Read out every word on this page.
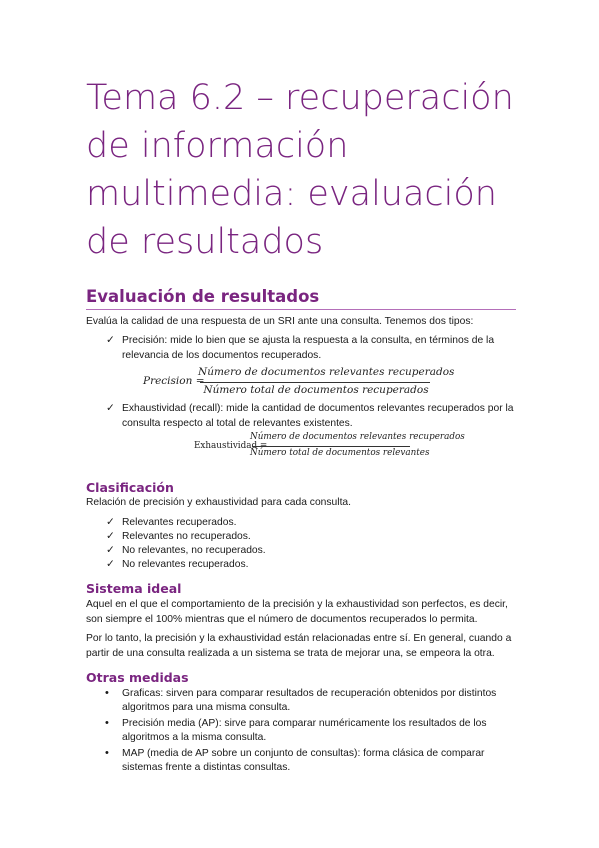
Tema 6.2 – recuperación de información multimedia: evaluación de resultados
Evaluación de resultados

Evalúa la calidad de una respuesta de un SRI ante una consulta. Tenemos dos tipos:

✓ Precisión: mide lo bien que se ajusta la respuesta a la consulta, en términos de la

relevancia de los documentos recuperados.

Precision =
Número de documentos relevantes recuperados
Número total de documentos recuperados
✓ Exhaustividad (recall): mide la cantidad de documentos relevantes recuperados por la

consulta respecto al total de relevantes existentes.

Exhaustividad =
Número de documentos relevantes recuperados
Número total de documentos relevantes
Clasificación

Relación de precisión y exhaustividad para cada consulta.

✓ Relevantes recuperados.

✓ Relevantes no recuperados.

✓ No relevantes, no recuperados.

✓ No relevantes recuperados.

Sistema ideal

Aquel en el que el comportamiento de la precisión y la exhaustividad son perfectos, es decir,

son siempre el 100% mientras que el número de documentos recuperados lo permita.

Por lo tanto, la precisión y la exhaustividad están relacionadas entre sí. En general, cuando a

partir de una consulta realizada a un sistema se trata de mejorar una, se empeora la otra.

Otras medidas
• Graficas: sirven para comparar resultados de recuperación obtenidos por distintos

algoritmos para una misma consulta.

• Precisión media (AP): sirve para comparar numéricamente los resultados de los

algoritmos a la misma consulta.

• MAP (media de AP sobre un conjunto de consultas): forma clásica de comparar

sistemas frente a distintas consultas.
